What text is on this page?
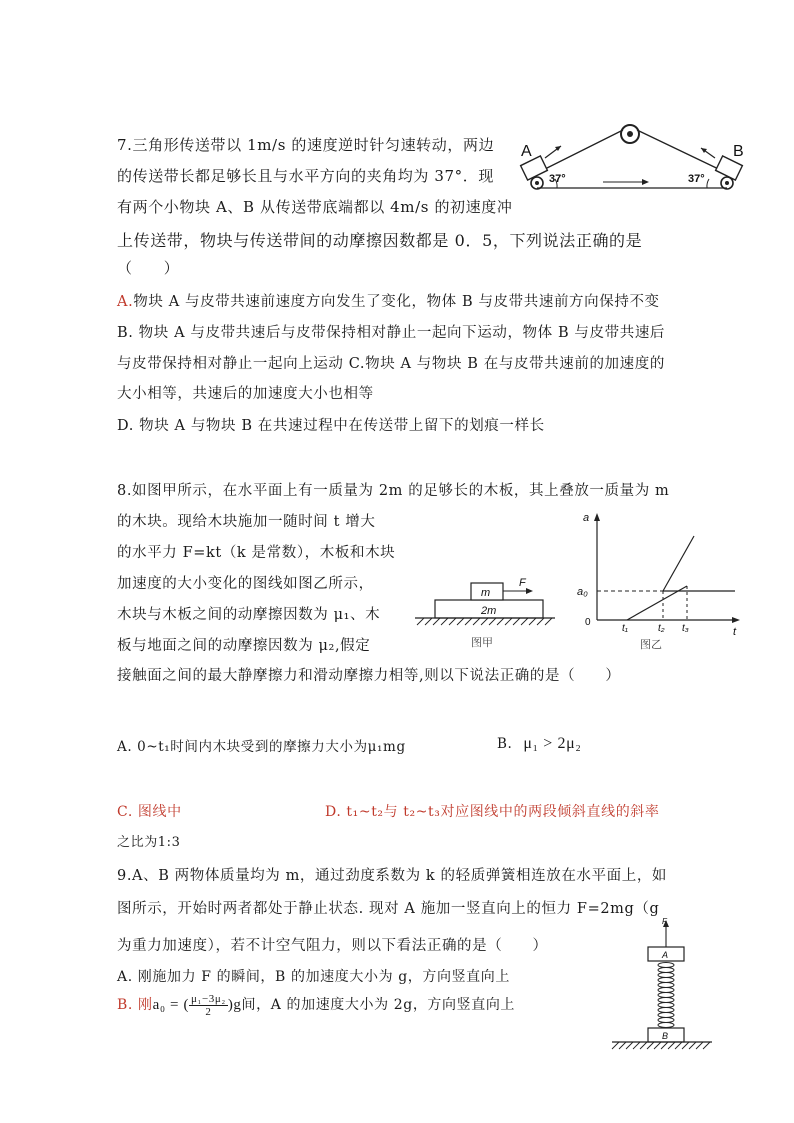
7.三角形传送带以 1m/s 的速度逆时针匀速转动，两边
的传送带长都足够长且与水平方向的夹角均为 37°．现
有两个小物块 A、B 从传送带底端都以 4m/s 的初速度冲
上传送带，物块与传送带间的动摩擦因数都是 0．5，下列说法正确的是
（　　）
A.物块 A 与皮带共速前速度方向发生了变化，物体 B 与皮带共速前方向保持不变
B. 物块 A 与皮带共速后与皮带保持相对静止一起向下运动，物体 B 与皮带共速后
与皮带保持相对静止一起向上运动 C.物块 A 与物块 B 在与皮带共速前的加速度的
大小相等，共速后的加速度大小也相等
D. 物块 A 与物块 B 在共速过程中在传送带上留下的划痕一样长
A	B
37°	37°
8.如图甲所示，在水平面上有一质量为 2m 的足够长的木板，其上叠放一质量为 m
的木块。现给木块施加一随时间 t 增大
的水平力 F=kt（k 是常数），木板和木块
加速度的大小变化的图线如图乙所示，
木块与木板之间的动摩擦因数为 μ₁、木
板与地面之间的动摩擦因数为 μ₂,假定
接触面之间的最大静摩擦力和滑动摩擦力相等,则以下说法正确的是（　　）
A. 0~t₁时间内木块受到的摩擦力大小为μ₁mg	B. μ₁ > 2μ₂
C. 图线中	D. t₁~t₂与 t₂~t₃对应图线中的两段倾斜直线的斜率
之比为1:3
m
2m
F
图甲
a
t
a₀
0
t₁	t₂ t₃
图乙
9.A、B 两物体质量均为 m，通过劲度系数为 k 的轻质弹簧相连放在水平面上，如
图所示，开始时两者都处于静止状态. 现对 A 施加一竖直向上的恒力 F=2mg（g
为重力加速度），若不计空气阻力，则以下看法正确的是（　　）
A. 刚施加力 F 的瞬间，B 的加速度大小为 g，方向竖直向上
B. 刚a₀ = ( $\frac{\text{μ₁−3μ₂}}{2} )g$间，A 的加速度大小为 2g，方向竖直向上
F
A
B
